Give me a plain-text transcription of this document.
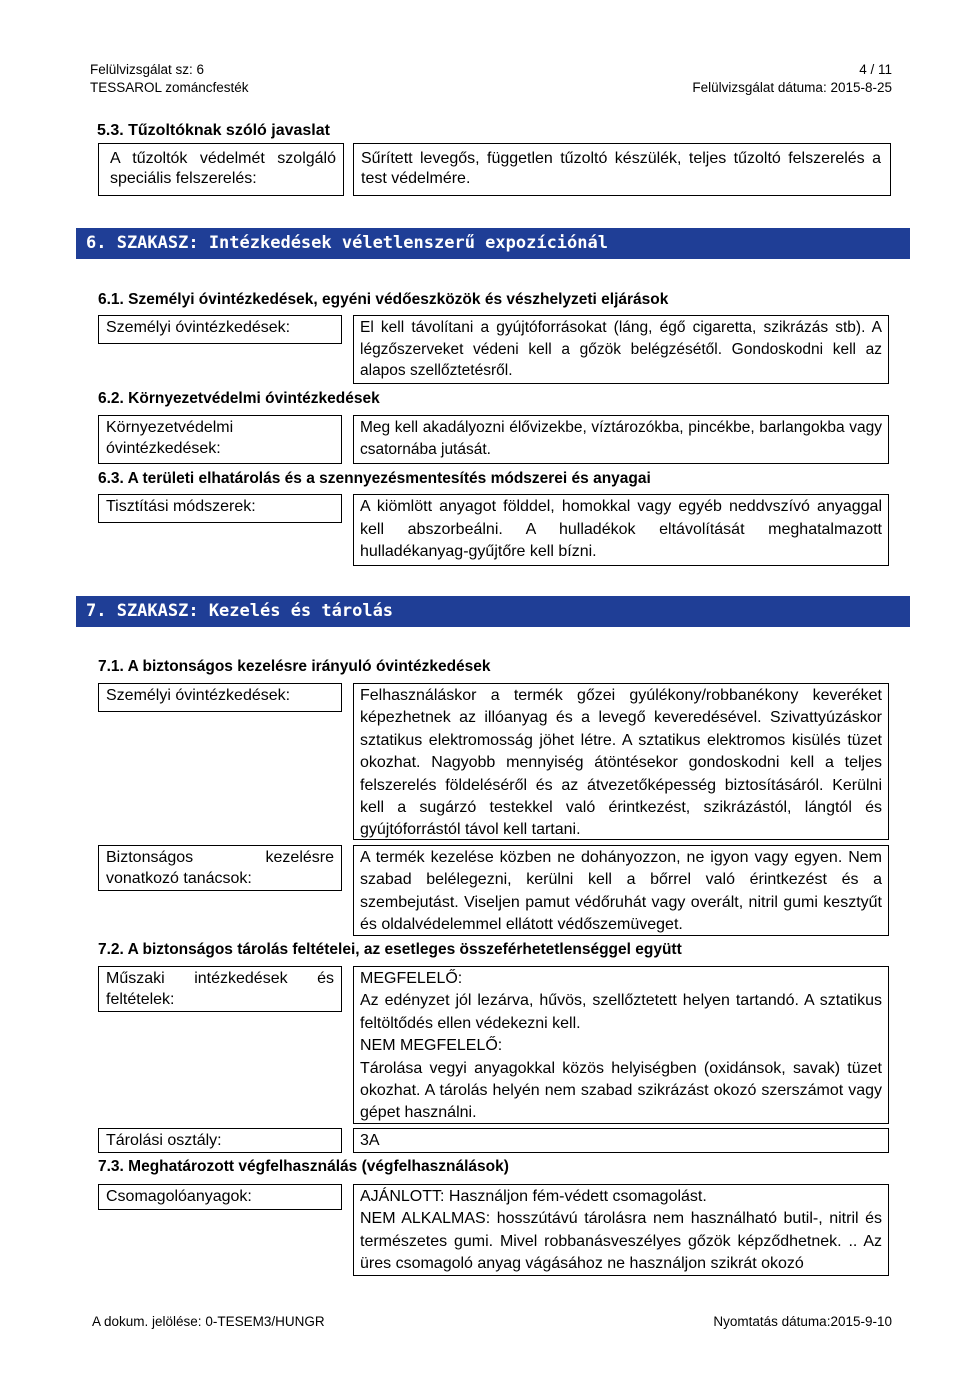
Felülvizsgálat sz: 6	4 / 11
TESSAROL zománcfesték	Felülvizsgálat dátuma: 2015-8-25
5.3. Tűzoltóknak szóló javaslat
A tűzoltók védelmét szolgáló speciális felszerelés:
Sűrített levegős, független tűzoltó készülék, teljes tűzoltó felszerelés a test védelmére.
6. SZAKASZ: Intézkedések véletlenszerű expozíciónál
6.1. Személyi óvintézkedések, egyéni védőeszközök és vészhelyzeti eljárások
Személyi óvintézkedések:	El kell távolítani a gyújtóforrásokat (láng, égő cigaretta, szikrázás stb). A légzőszerveket védeni kell a gőzök belégzésétől. Gondoskodni kell az alapos szellőztetésről.
6.2. Környezetvédelmi óvintézkedések
Környezetvédelmi óvintézkedések:
Meg kell akadályozni élővizekbe, víztározókba, pincékbe, barlangokba vagy csatornába jutását.
6.3. A területi elhatárolás és a szennyezésmentesítés módszerei és anyagai
Tisztítási módszerek:	A kiömlött anyagot földdel, homokkal vagy egyéb neddvszívó anyaggal kell abszorbeálni. A hulladékok eltávolítását meghatalmazott hulladékanyag-gyűjtőre kell bízni.
7. SZAKASZ: Kezelés és tárolás
7.1. A biztonságos kezelésre irányuló óvintézkedések
Személyi óvintézkedések:	Felhasználáskor a termék gőzei gyúlékony/robbanékony keveréket képezhetnek az illóanyag és a levegő keveredésével. Szivattyúzáskor sztatikus elektromosság jöhet létre. A sztatikus elektromos kisülés tüzet okozhat. Nagyobb mennyiség átöntésekor gondoskodni kell a teljes felszerelés földeléséről és az átvezetőképesség biztosításáról. Kerülni kell a sugárzó testekkel való érintkezést, szikrázástól, lángtól és gyújtóforrástól távol kell tartani.
Biztonságos kezelésre vonatkozó tanácsok:
A termék kezelése közben ne dohányozzon, ne igyon vagy egyen. Nem szabad belélegezni, kerülni kell a bőrrel való érintkezést és a szembejutást. Viseljen pamut védőruhát vagy overált, nitril gumi kesztyűt és oldalvédelemmel ellátott védőszemüveget.
7.2. A biztonságos tárolás feltételei, az esetleges összeférhetetlenséggel együtt
Műszaki intézkedések és feltételek:
MEGFELELŐ:
Az edényzet jól lezárva, hűvös, szellőztetett helyen tartandó. A sztatikus feltöltődés ellen védekezni kell.
NEM MEGFELELŐ:
Tárolása vegyi anyagokkal közös helyiségben (oxidánsok, savak) tüzet okozhat. A tárolás helyén nem szabad szikrázást okozó szerszámot vagy gépet használni.
Tárolási osztály:	3A
7.3. Meghatározott végfelhasználás (végfelhasználások)
Csomagolóanyagok:	AJÁNLOTT: Használjon fém-védett csomagolást.
NEM ALKALMAS: hosszútávú tárolásra nem használható butil-, nitril és természetes gumi. Mivel robbanásveszélyes gőzök képződhetnek. .. Az üres csomagoló anyag vágásához ne használjon szikrát okozó
A dokum. jelölése: 0-TESEM3/HUNGR	Nyomtatás dátuma:2015-9-10
